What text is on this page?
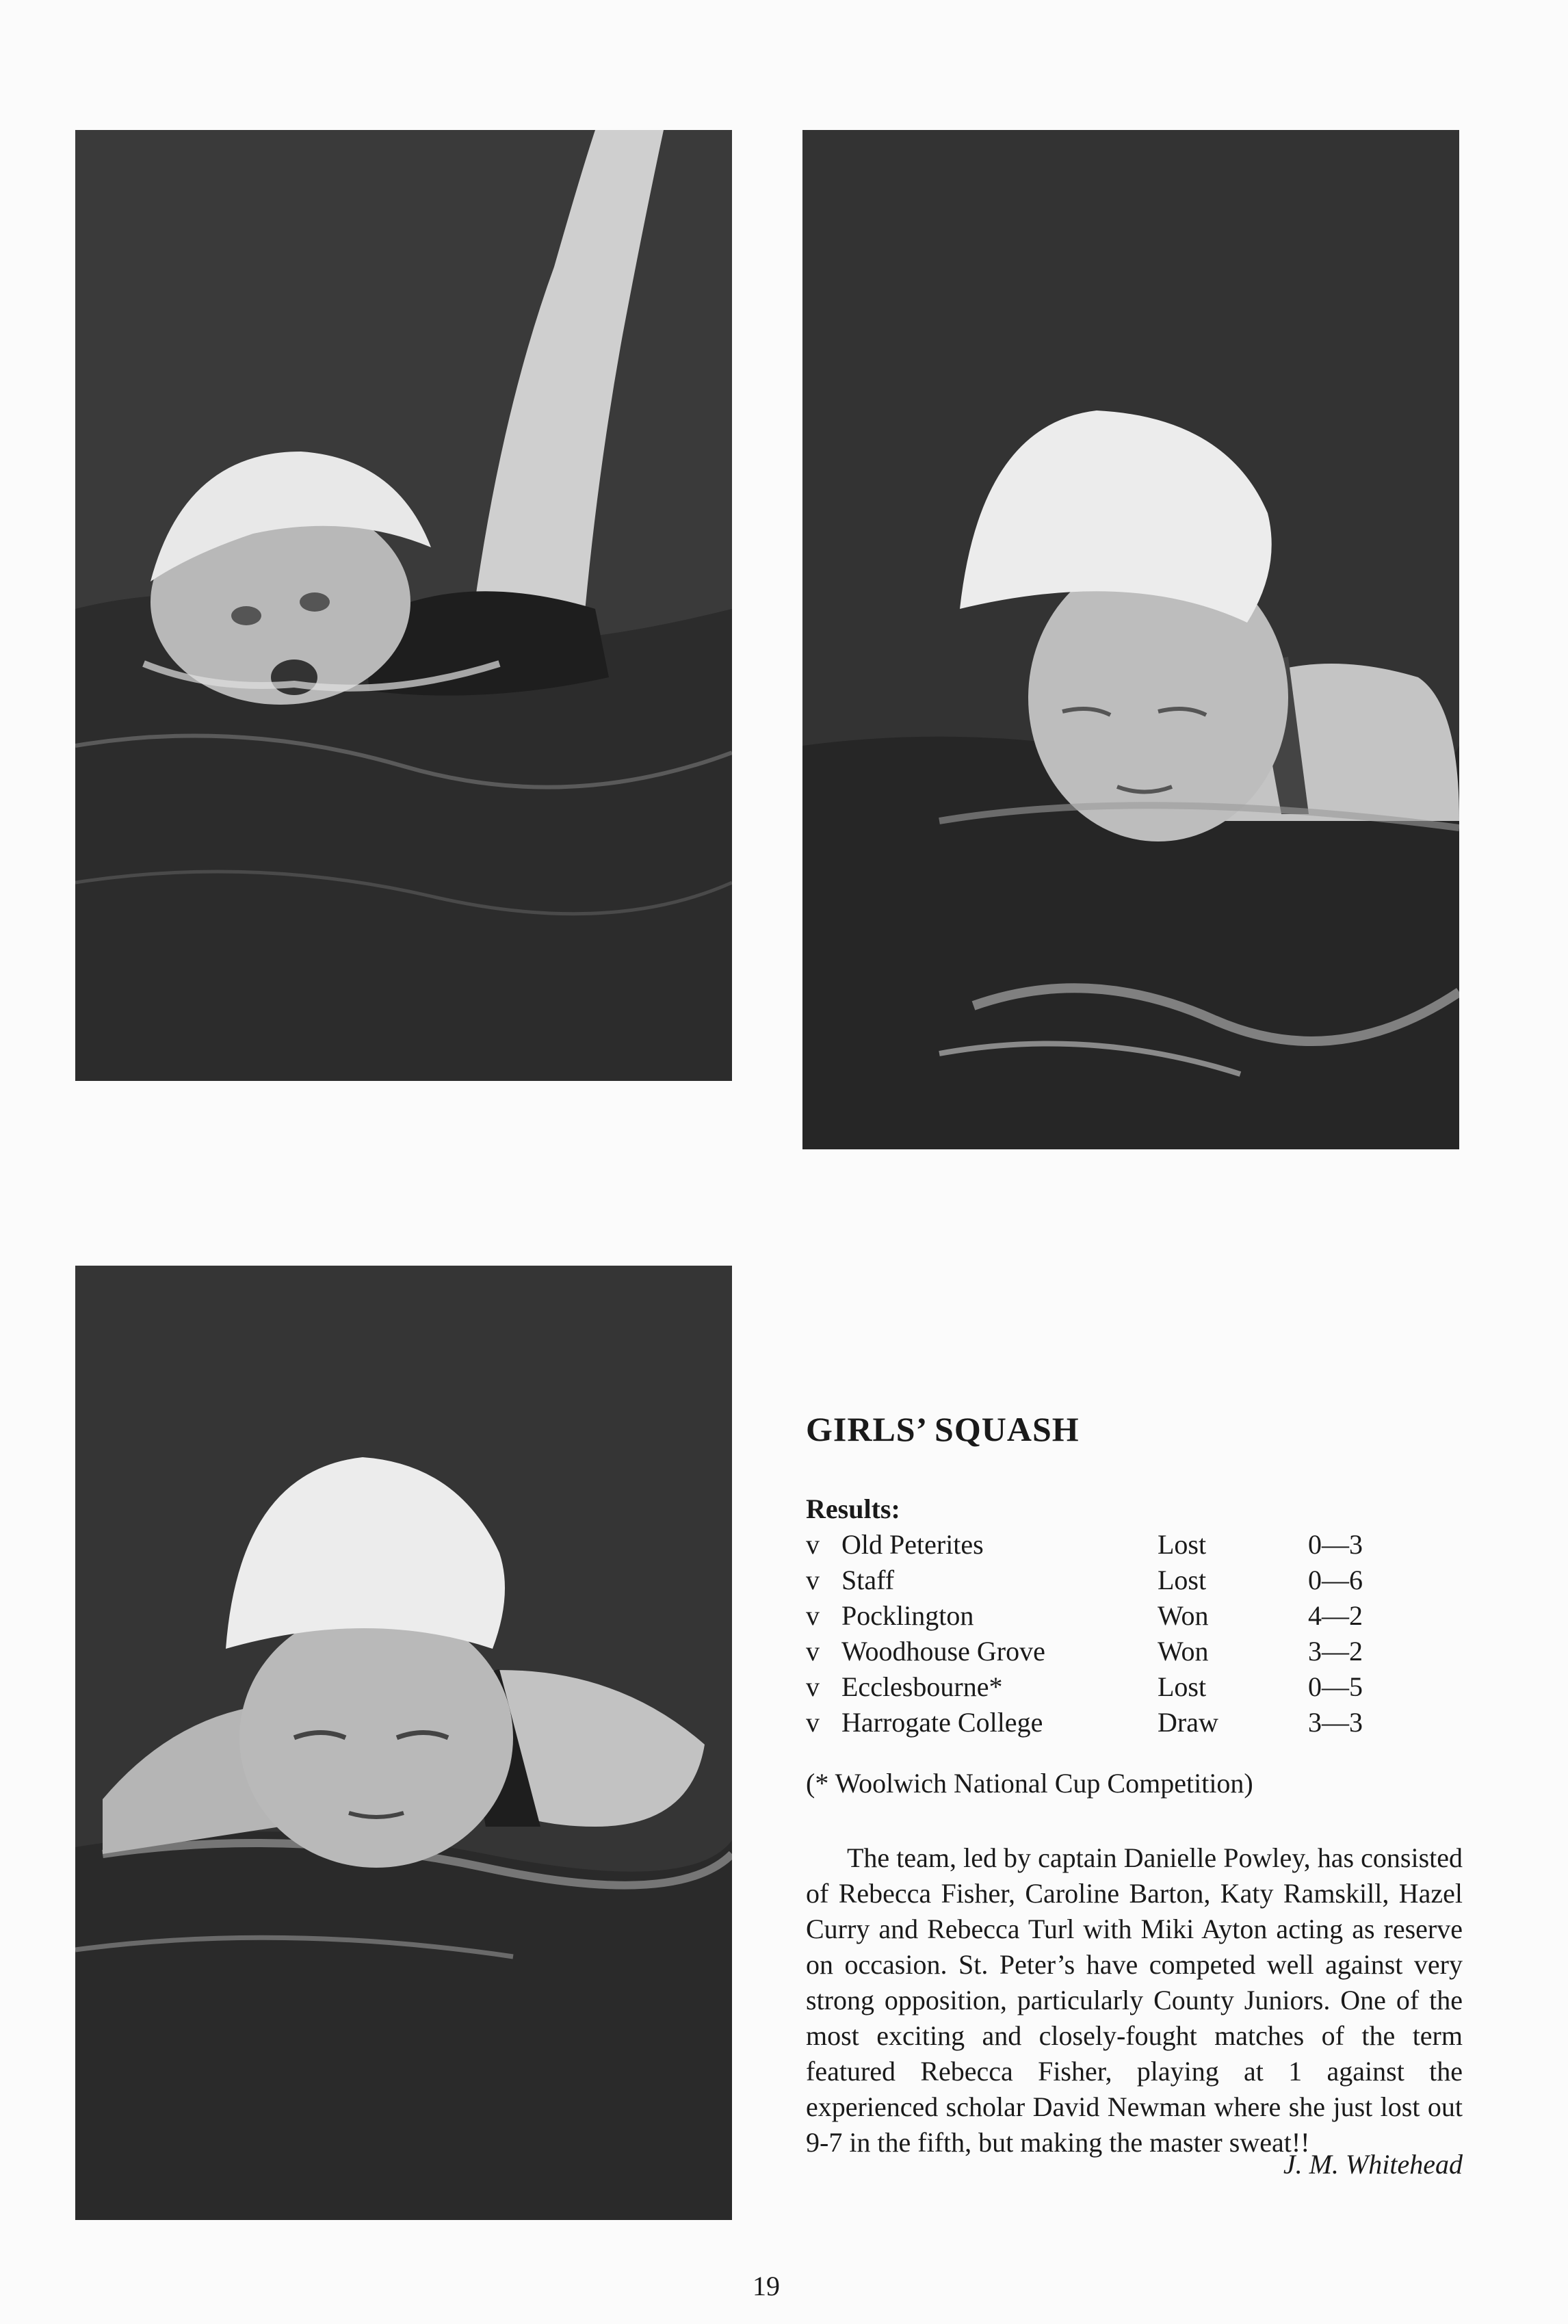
GIRLS’ SQUASH
Results:
v Old Peterites	Lost	0—3
v Staff	Lost	0—6
v Pocklington	Won	4—2
v Woodhouse Grove	Won	3—2
v Ecclesbourne*	Lost	0—5
v Harrogate College	Draw	3—3
(* Woolwich National Cup Competition)

The team, led by captain Danielle Powley, has consisted of Rebecca Fisher, Caroline Barton, Katy Ramskill, Hazel Curry and Rebecca Turl with Miki Ayton acting as reserve on occasion. St. Peter’s have competed well against very strong opposition, particularly County Juniors. One of the most exciting and closely-fought matches of the term featured Rebecca Fisher, playing at 1 against the experienced scholar David Newman where she just lost out 9-7 in the fifth, but making the master sweat!!

J. M. Whitehead
19
